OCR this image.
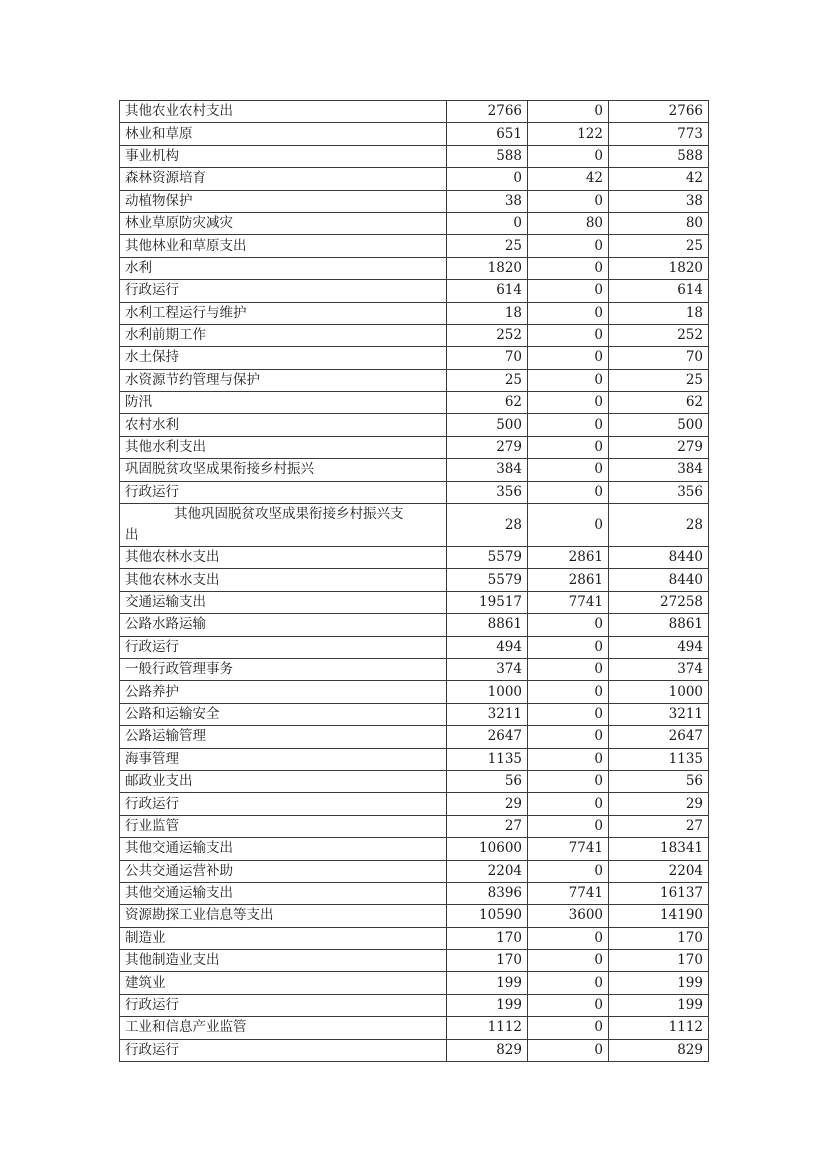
其他农业农村支出	2766	0	2766
林业和草原	651	122	773
事业机构	588	0	588
森林资源培育	0	42	42
动植物保护	38	0	38
林业草原防灾减灾	0	80	80
其他林业和草原支出	25	0	25
水利	1820	0	1820
行政运行	614	0	614
水利工程运行与维护	18	0	18
水利前期工作	252	0	252
水土保持	70	0	70
水资源节约管理与保护	25	0	25
防汛	62	0	62
农村水利	500	0	500
其他水利支出	279	0	279
巩固脱贫攻坚成果衔接乡村振兴	384	0	384
行政运行	356	0	356

其他巩固脱贫攻坚成果衔接乡村振兴支
出	28	0	28
其他农林水支出	5579	2861	8440
其他农林水支出	5579	2861	8440
交通运输支出	19517	7741	27258
公路水路运输	8861	0	8861
行政运行	494	0	494
一般行政管理事务	374	0	374
公路养护	1000	0	1000
公路和运输安全	3211	0	3211
公路运输管理	2647	0	2647
海事管理	1135	0	1135
邮政业支出	56	0	56
行政运行	29	0	29
行业监管	27	0	27
其他交通运输支出	10600	7741	18341
公共交通运营补助	2204	0	2204
其他交通运输支出	8396	7741	16137
资源勘探工业信息等支出	10590	3600	14190
制造业	170	0	170
其他制造业支出	170	0	170
建筑业	199	0	199
行政运行	199	0	199
工业和信息产业监管	1112	0	1112
行政运行	829	0	829
